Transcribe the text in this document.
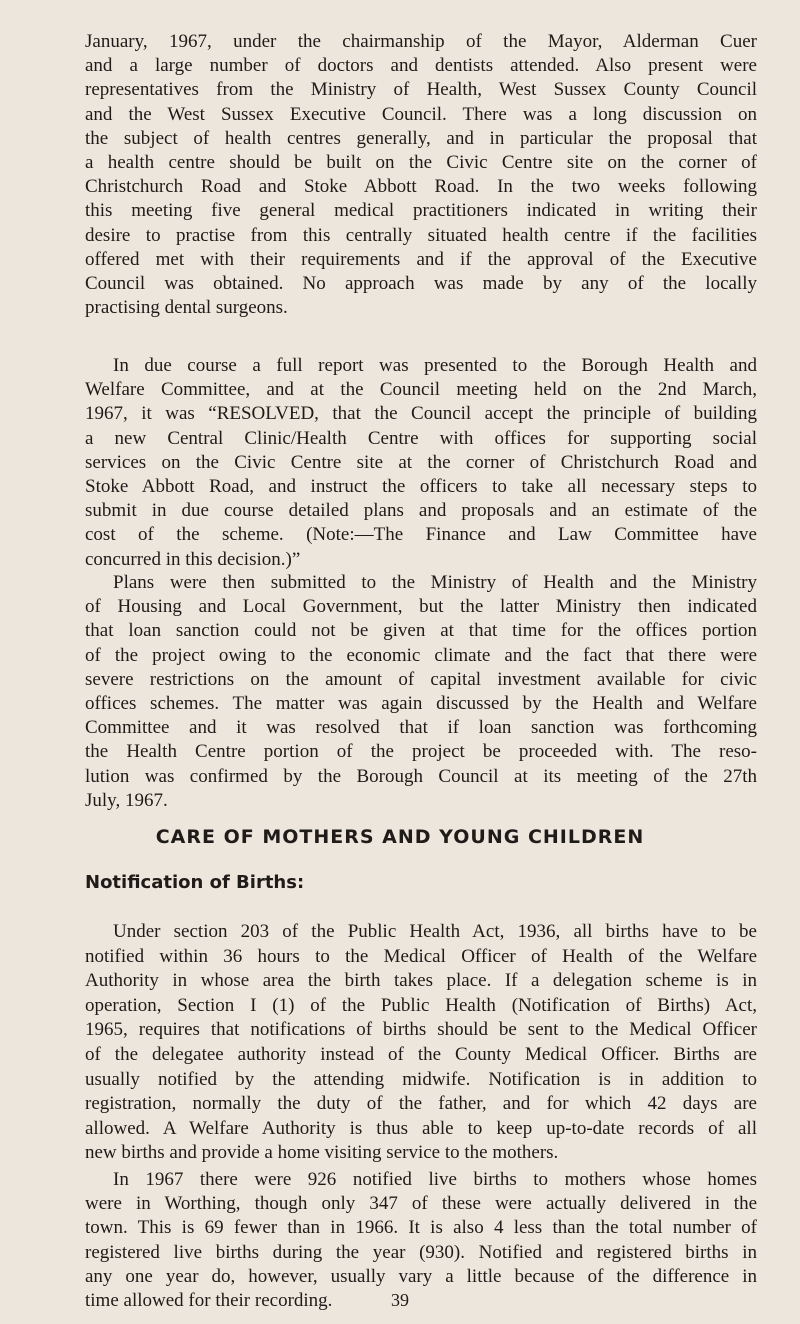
January, 1967, under the chairmanship of the Mayor, Alderman Cuer
and a large number of doctors and dentists attended. Also present were
representatives from the Ministry of Health, West Sussex County Council
and the West Sussex Executive Council. There was a long discussion on
the subject of health centres generally, and in particular the proposal that
a health centre should be built on the Civic Centre site on the corner of
Christchurch Road and Stoke Abbott Road. In the two weeks following
this meeting five general medical practitioners indicated in writing their
desire to practise from this centrally situated health centre if the facilities
offered met with their requirements and if the approval of the Executive
Council was obtained. No approach was made by any of the locally
practising dental surgeons.
In due course a full report was presented to the Borough Health and
Welfare Committee, and at the Council meeting held on the 2nd March,
1967, it was “RESOLVED, that the Council accept the principle of building
a new Central Clinic/Health Centre with offices for supporting social
services on the Civic Centre site at the corner of Christchurch Road and
Stoke Abbott Road, and instruct the officers to take all necessary steps to
submit in due course detailed plans and proposals and an estimate of the
cost of the scheme. (Note:—The Finance and Law Committee have
concurred in this decision.)”
Plans were then submitted to the Ministry of Health and the Ministry
of Housing and Local Government, but the latter Ministry then indicated
that loan sanction could not be given at that time for the offices portion
of the project owing to the economic climate and the fact that there were
severe restrictions on the amount of capital investment available for civic
offices schemes. The matter was again discussed by the Health and Welfare
Committee and it was resolved that if loan sanction was forthcoming
the Health Centre portion of the project be proceeded with. The reso-
lution was confirmed by the Borough Council at its meeting of the 27th
July, 1967.
CARE OF MOTHERS AND YOUNG CHILDREN
Notification of Births:
Under section 203 of the Public Health Act, 1936, all births have to be
notified within 36 hours to the Medical Officer of Health of the Welfare
Authority in whose area the birth takes place. If a delegation scheme is in
operation, Section I (1) of the Public Health (Notification of Births) Act,
1965, requires that notifications of births should be sent to the Medical Officer
of the delegatee authority instead of the County Medical Officer. Births are
usually notified by the attending midwife. Notification is in addition to
registration, normally the duty of the father, and for which 42 days are
allowed. A Welfare Authority is thus able to keep up-to-date records of all
new births and provide a home visiting service to the mothers.
In 1967 there were 926 notified live births to mothers whose homes
were in Worthing, though only 347 of these were actually delivered in the
town. This is 69 fewer than in 1966. It is also 4 less than the total number of
registered live births during the year (930). Notified and registered births in
any one year do, however, usually vary a little because of the difference in
time allowed for their recording.	39
